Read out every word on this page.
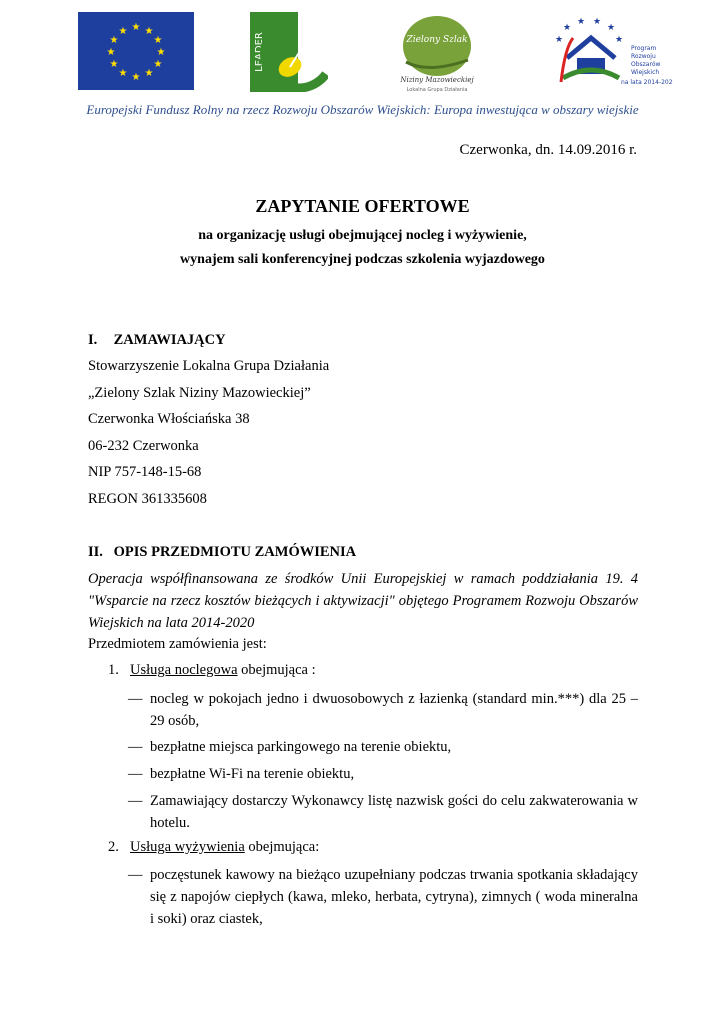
★ ★
★
★
★
★
★
★
★
★
★
★
LEADER	Zielony Szlak
Niziny Mazowieckiej
Lokalna Grupa Działania
★
★
★ ★
★
★
Program
Rozwoju
Obszarów
Wiejskich
na lata 2014-2020
Europejski Fundusz Rolny na rzecz Rozwoju Obszarów Wiejskich: Europa inwestująca w obszary wiejskie
Czerwonka, dn. 14.09.2016 r.
ZAPYTANIE OFERTOWE
na organizację usługi obejmującej nocleg i wyżywienie,
wynajem sali konferencyjnej podczas szkolenia wyjazdowego
I. ZAMAWIAJĄCY
Stowarzyszenie Lokalna Grupa Działania
„Zielony Szlak Niziny Mazowieckiej”
Czerwonka Włościańska 38
06-232 Czerwonka
NIP 757-148-15-68
REGON 361335608
II. OPIS PRZEDMIOTU ZAMÓWIENIA
Operacja współfinansowana ze środków Unii Europejskiej w ramach poddziałania 19. 4 "Wsparcie na rzecz kosztów bieżących i aktywizacji" objętego Programem Rozwoju Obszarów Wiejskich na lata 2014-2020
Przedmiotem zamówienia jest:
1. Usługa noclegowa obejmująca :
— nocleg w pokojach jedno i dwuosobowych z łazienką (standard min.***) dla 25 – 29 osób,
— bezpłatne miejsca parkingowego na terenie obiektu,
— bezpłatne Wi-Fi na terenie obiektu,
— Zamawiający dostarczy Wykonawcy listę nazwisk gości do celu zakwaterowania w hotelu.
2. Usługa wyżywienia obejmująca:
— poczęstunek kawowy na bieżąco uzupełniany podczas trwania spotkania składający się z napojów ciepłych (kawa, mleko, herbata, cytryna), zimnych ( woda mineralna i soki) oraz ciastek,
